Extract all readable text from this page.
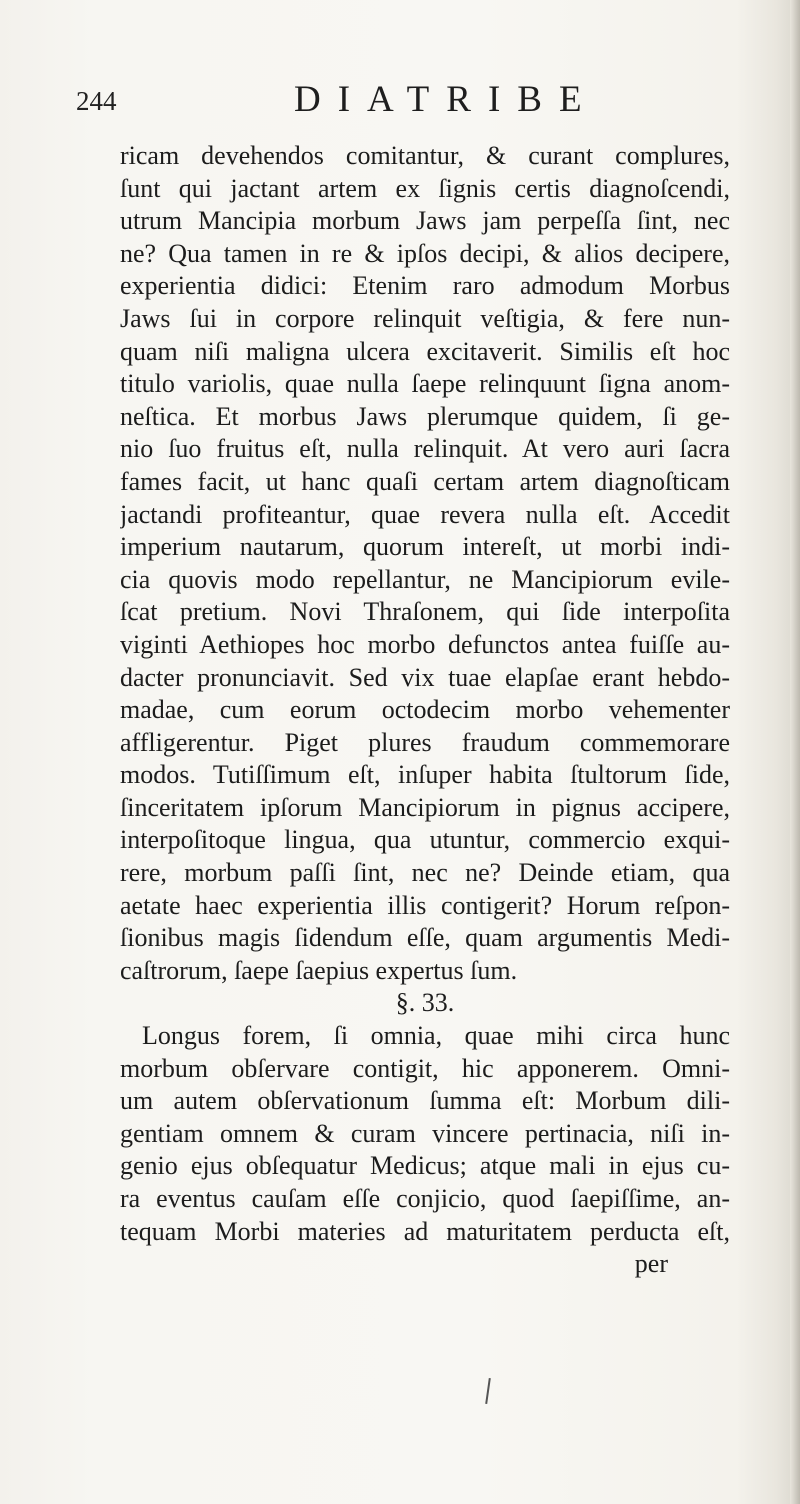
244	DIATRIBE
ricam devehendos comitantur, & curant complures,
ſunt qui jactant artem ex ſignis certis diagnoſcendi,
utrum Mancipia morbum Jaws jam perpeſſa ſint, nec
ne? Qua tamen in re & ipſos decipi, & alios decipere,
experientia didici: Etenim raro admodum Morbus
Jaws ſui in corpore relinquit veſtigia, & fere nun-
quam niſi maligna ulcera excitaverit. Similis eſt hoc
titulo variolis, quae nulla ſaepe relinquunt ſigna anom-
neſtica. Et morbus Jaws plerumque quidem, ſi ge-
nio ſuo fruitus eſt, nulla relinquit. At vero auri ſacra
fames facit, ut hanc quaſi certam artem diagnoſticam
jactandi profiteantur, quae revera nulla eſt. Accedit
imperium nautarum, quorum intereſt, ut morbi indi-
cia quovis modo repellantur, ne Mancipiorum evile-
ſcat pretium. Novi Thraſonem, qui ſide interpoſita
viginti Aethiopes hoc morbo defunctos antea fuiſſe au-
dacter pronunciavit. Sed vix tuae elapſae erant hebdo-
madae, cum eorum octodecim morbo vehementer
affligerentur. Piget plures fraudum commemorare
modos. Tutiſſimum eſt, inſuper habita ſtultorum ſide,
ſinceritatem ipſorum Mancipiorum in pignus accipere,
interpoſitoque lingua, qua utuntur, commercio exqui-
rere, morbum paſſi ſint, nec ne? Deinde etiam, qua
aetate haec experientia illis contigerit? Horum reſpon-
ſionibus magis ſidendum eſſe, quam argumentis Medi-
caſtrorum, ſaepe ſaepius expertus ſum.
§. 33.
Longus forem, ſi omnia, quae mihi circa hunc
morbum obſervare contigit, hic apponerem. Omni-
um autem obſervationum ſumma eſt: Morbum dili-
gentiam omnem & curam vincere pertinacia, niſi in-
genio ejus obſequatur Medicus; atque mali in ejus cu-
ra eventus cauſam eſſe conjicio, quod ſaepiſſime, an-
tequam Morbi materies ad maturitatem perducta eſt,
per
